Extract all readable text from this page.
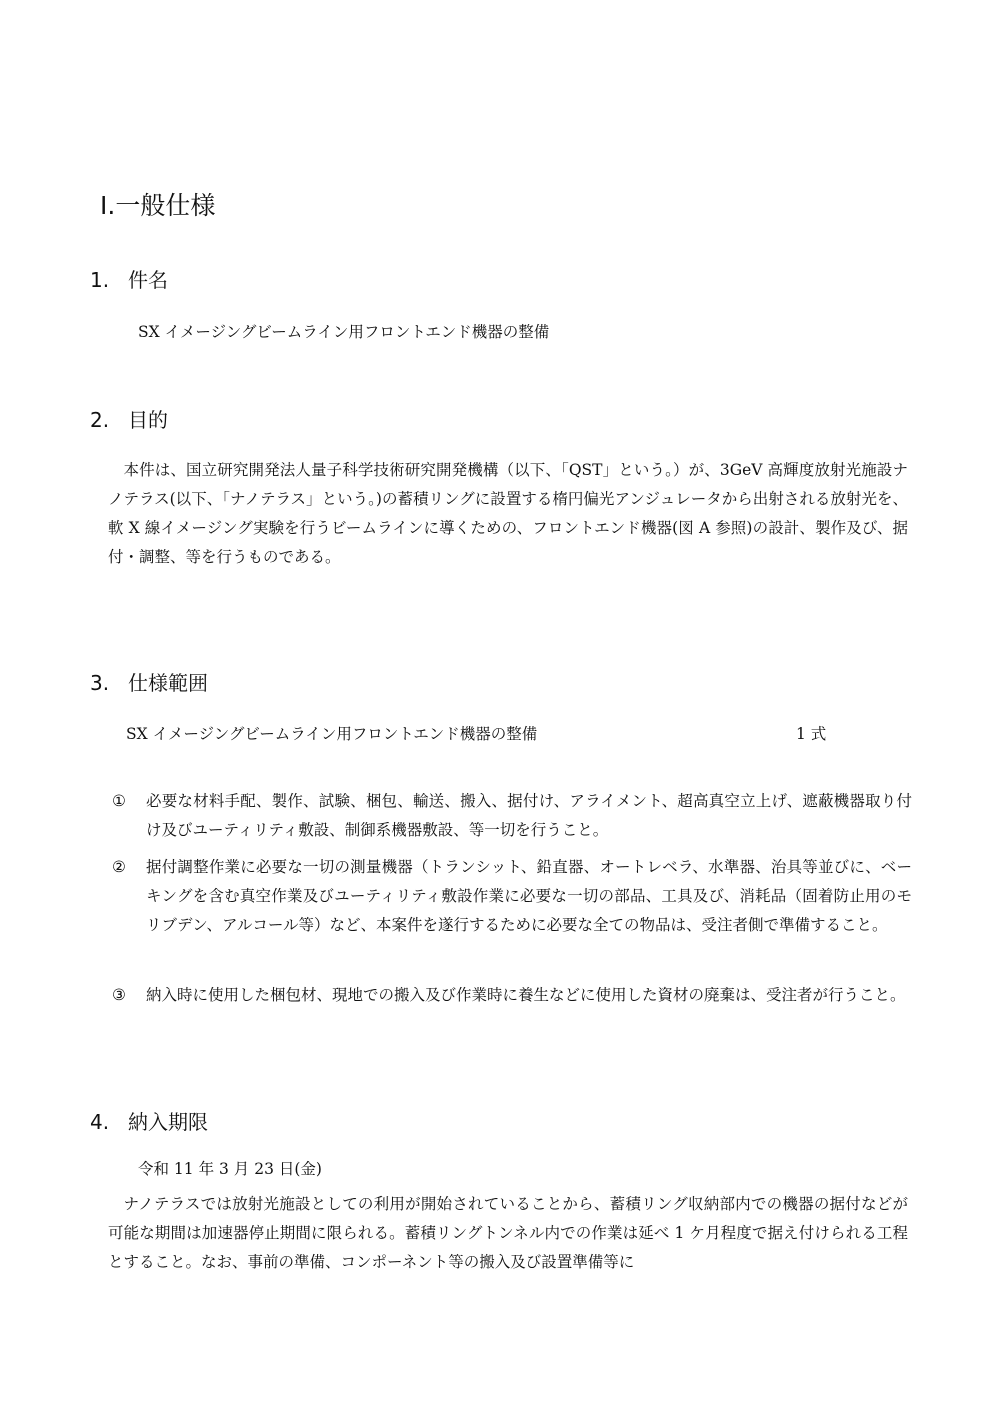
Ⅰ.一般仕様
1. 件名
SX イメージングビームライン用フロントエンド機器の整備
2. 目的
本件は、国立研究開発法人量子科学技術研究開発機構（以下、「QST」という。）が、3GeV 高輝度放射光施設ナノテラス(以下、「ナノテラス」という。)の蓄積リングに設置する楕円偏光アンジュレータから出射される放射光を、軟 X 線イメージング実験を行うビームラインに導くための、フロントエンド機器(図 A 参照)の設計、製作及び、据付・調整、等を行うものである。
3. 仕様範囲
SX イメージングビームライン用フロントエンド機器の整備	1 式
①	必要な材料手配、製作、試験、梱包、輸送、搬入、据付け、アライメント、超高真空立上げ、遮蔽機器取り付け及びユーティリティ敷設、制御系機器敷設、等一切を行うこと。
②	据付調整作業に必要な一切の測量機器（トランシット、鉛直器、オートレベラ、水準器、治具等並びに、ベーキングを含む真空作業及びユーティリティ敷設作業に必要な一切の部品、工具及び、消耗品（固着防止用のモリブデン、アルコール等）など、本案件を遂行するために必要な全ての物品は、受注者側で準備すること。
③	納入時に使用した梱包材、現地での搬入及び作業時に養生などに使用した資材の廃棄は、受注者が行うこと。
4. 納入期限
令和 11 年 3 月 23 日(金)
ナノテラスでは放射光施設としての利用が開始されていることから、蓄積リング収納部内での機器の据付などが可能な期間は加速器停止期間に限られる。蓄積リングトンネル内での作業は延べ 1 ケ月程度で据え付けられる工程とすること。なお、事前の準備、コンポーネント等の搬入及び設置準備等に
